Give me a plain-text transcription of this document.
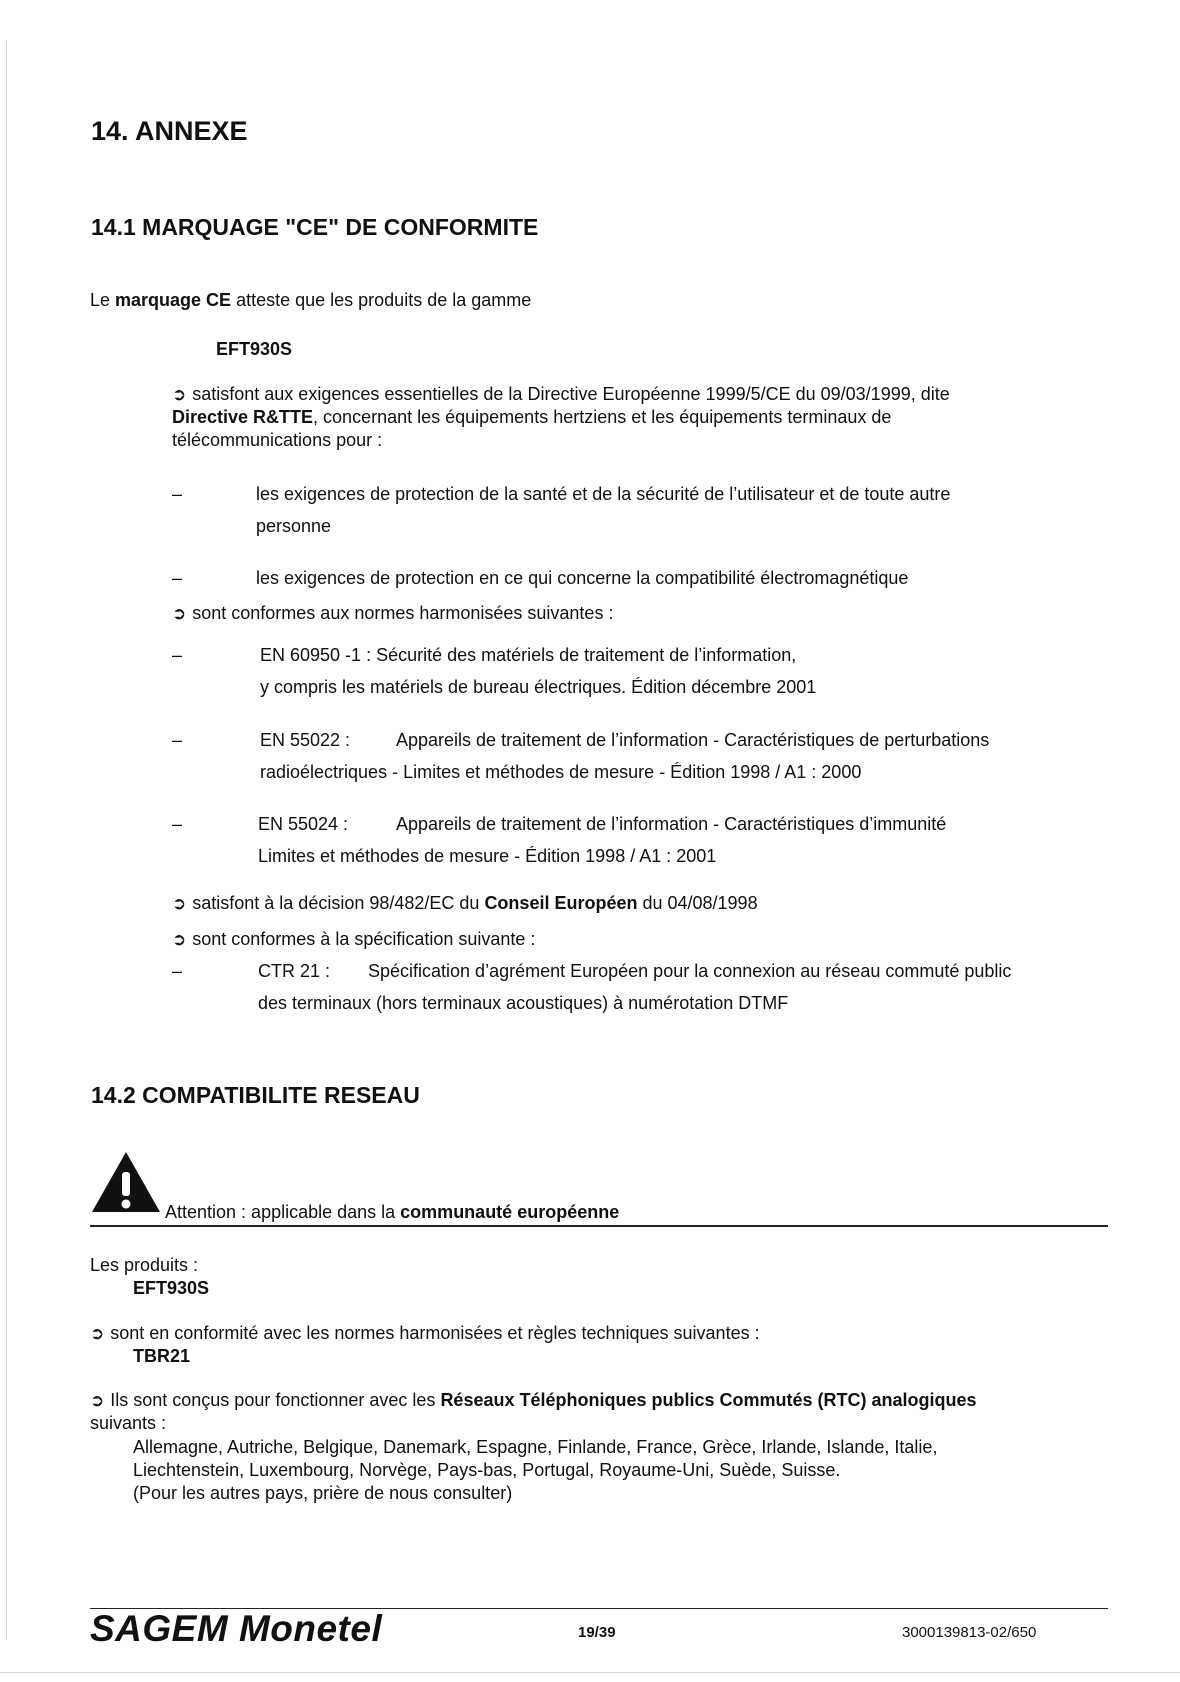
14. ANNEXE
14.1 MARQUAGE "CE" DE CONFORMITE
Le marquage CE atteste que les produits de la gamme
EFT930S
➲ satisfont aux exigences essentielles de la Directive Européenne 1999/5/CE du 09/03/1999, dite
Directive R&TTE, concernant les équipements hertziens et les équipements terminaux de
télécommunications pour :
–	les exigences de protection de la santé et de la sécurité de l’utilisateur et de toute autre
personne
–	les exigences de protection en ce qui concerne la compatibilité électromagnétique
➲ sont conformes aux normes harmonisées suivantes :
–	EN 60950 -1 : Sécurité des matériels de traitement de l’information,
y compris les matériels de bureau électriques. Édition décembre 2001
–	EN 55022 :	Appareils de traitement de l’information - Caractéristiques de perturbations
radioélectriques - Limites et méthodes de mesure - Édition 1998 / A1 : 2000
–	EN 55024 :	Appareils de traitement de l’information - Caractéristiques d’immunité
Limites et méthodes de mesure - Édition 1998 / A1 : 2001
➲ satisfont à la décision 98/482/EC du Conseil Européen du 04/08/1998
➲ sont conformes à la spécification suivante :
–	CTR 21 : Spécification d’agrément Européen pour la connexion au réseau commuté public
des terminaux (hors terminaux acoustiques) à numérotation DTMF
14.2 COMPATIBILITE RESEAU
Attention : applicable dans la communauté européenne
Les produits :
EFT930S
➲ sont en conformité avec les normes harmonisées et règles techniques suivantes :
TBR21
➲ Ils sont conçus pour fonctionner avec les Réseaux Téléphoniques publics Commutés (RTC) analogiques
suivants :
Allemagne, Autriche, Belgique, Danemark, Espagne, Finlande, France, Grèce, Irlande, Islande, Italie,
Liechtenstein, Luxembourg, Norvège, Pays-bas, Portugal, Royaume-Uni, Suède, Suisse.
(Pour les autres pays, prière de nous consulter)
SAGEM Monetel	19/39	3000139813-02/650
